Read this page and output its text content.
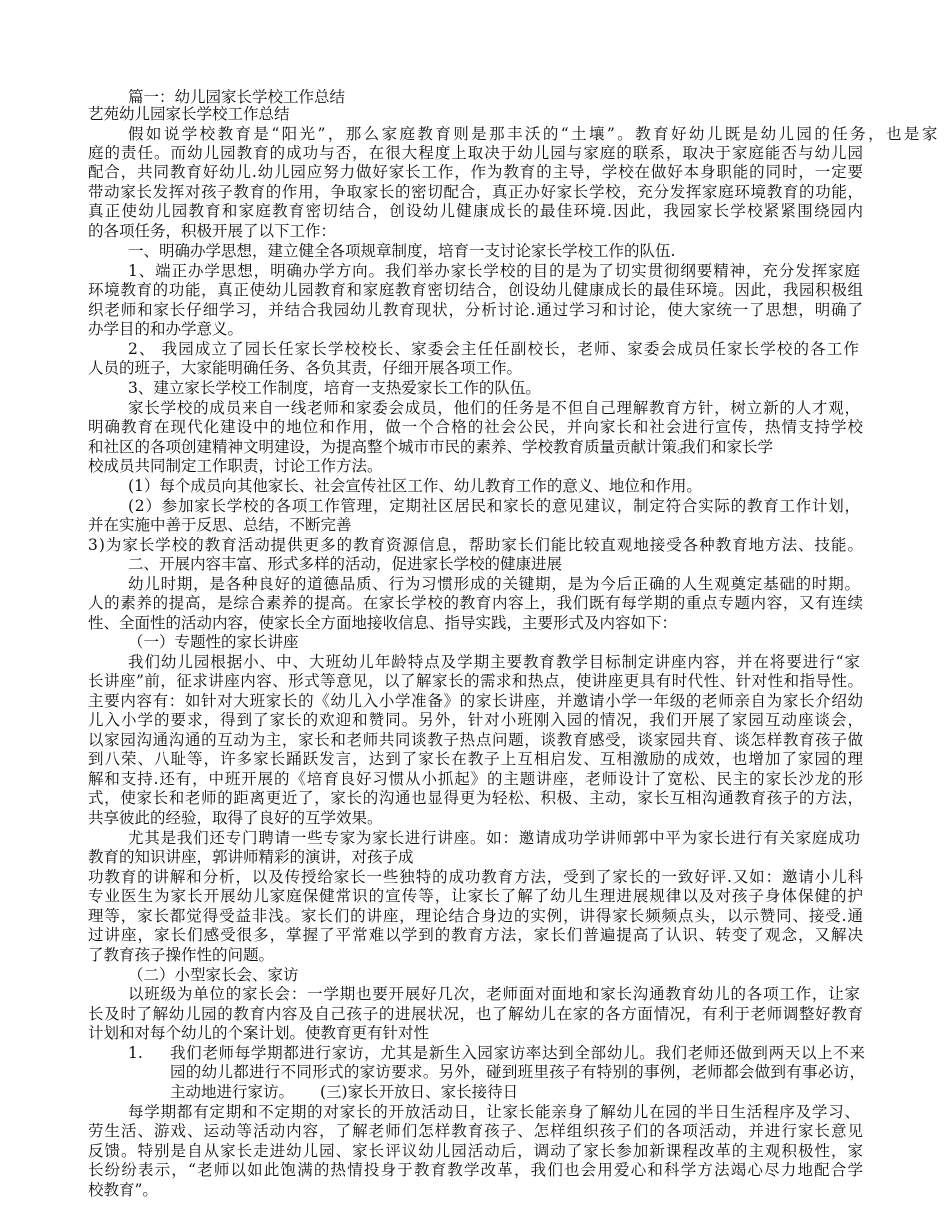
篇一：幼儿园家长学校工作总结
艺苑幼儿园家长学校工作总结
假如说学校教育是“阳光”，那么家庭教育则是那丰沃的“土壤”。教育好幼儿既是幼儿园的任务，也是家
庭的责任。而幼儿园教育的成功与否，在很大程度上取决于幼儿园与家庭的联系，取决于家庭能否与幼儿园
配合，共同教育好幼儿.幼儿园应努力做好家长工作，作为教育的主导，学校在做好本身职能的同时，一定要
带动家长发挥对孩子教育的作用，争取家长的密切配合，真正办好家长学校，充分发挥家庭环境教育的功能，
真正使幼儿园教育和家庭教育密切结合，创设幼儿健康成长的最佳环境.因此，我园家长学校紧紧围绕园内
的各项任务，积极开展了以下工作：
一、明确办学思想，建立健全各项规章制度，培育一支讨论家长学校工作的队伍.
1、端正办学思想，明确办学方向。我们举办家长学校的目的是为了切实贯彻纲要精神，充分发挥家庭
环境教育的功能，真正使幼儿园教育和家庭教育密切结合，创设幼儿健康成长的最佳环境。因此，我园积极组
织老师和家长仔细学习，并结合我园幼儿教育现状，分析讨论.通过学习和讨论，使大家统一了思想，明确了
办学目的和办学意义。
2、 我园成立了园长任家长学校校长、家委会主任任副校长，老师、家委会成员任家长学校的各工作
人员的班子，大家能明确任务、各负其责，仔细开展各项工作。
3、建立家长学校工作制度，培育一支热爱家长工作的队伍。
家长学校的成员来自一线老师和家委会成员，他们的任务是不但自己理解教育方针，树立新的人才观，
明确教育在现代化建设中的地位和作用，做一个合格的社会公民，并向家长和社会进行宣传，热情支持学校
和社区的各项创建精神文明建设，为提高整个城市市民的素养、学校教育质量贡献计策。
我们和家长学
校成员共同制定工作职责，讨论工作方法。
(1）每个成员向其他家长、社会宣传社区工作、幼儿教育工作的意义、地位和作用。
(2）参加家长学校的各项工作管理，定期社区居民和家长的意见建议，制定符合实际的教育工作计划，
并在实施中善于反思、总结，不断完善
3)为家长学校的教育活动提供更多的教育资源信息，帮助家长们能比较直观地接受各种教育地方法、技能。
二、开展内容丰富、形式多样的活动，促进家长学校的健康进展
幼儿时期，是各种良好的道德品质、行为习惯形成的关键期，是为今后正确的人生观奠定基础的时期。
人的素养的提高，是综合素养的提高。在家长学校的教育内容上，我们既有每学期的重点专题内容，又有连续
性、全面性的活动内容，使家长全方面地接收信息、指导实践，主要形式及内容如下：
（一）专题性的家长讲座
我们幼儿园根据小、中、大班幼儿年龄特点及学期主要教育教学目标制定讲座内容，并在将要进行“家
长讲座”前，征求讲座内容、形式等意见，以了解家长的需求和热点，使讲座更具有时代性、针对性和指导性。
主要内容有：如针对大班家长的《幼儿入小学准备》的家长讲座，并邀请小学一年级的老师亲自为家长介绍幼
儿入小学的要求，得到了家长的欢迎和赞同。另外，针对小班刚入园的情况，我们开展了家园互动座谈会，
以家园沟通沟通的互动为主，家长和老师共同谈教子热点问题，谈教育感受，谈家园共育、谈怎样教育孩子做
到八荣、八耻等，许多家长踊跃发言，达到了家长在教子上互相启发、互相激励的成效，也增加了家园的理
解和支持.还有，中班开展的《培育良好习惯从小抓起》的主题讲座，老师设计了宽松、民主的家长沙龙的形
式，使家长和老师的距离更近了，家长的沟通也显得更为轻松、积极、主动，家长互相沟通教育孩子的方法，
共享彼此的经验，取得了良好的互学效果。
尤其是我们还专门聘请一些专家为家长进行讲座。如：邀请成功学讲师郭中平为家长进行有关家庭成功
教育的知识讲座，郭讲师精彩的演讲，对孩子成
功教育的讲解和分析，以及传授给家长一些独特的成功教育方法，受到了家长的一致好评.又如：邀请小儿科
专业医生为家长开展幼儿家庭保健常识的宣传等，让家长了解了幼儿生理进展规律以及对孩子身体保健的护
理等，家长都觉得受益非浅。家长们的讲座，理论结合身边的实例，讲得家长频频点头，以示赞同、接受.通
过讲座，家长们感受很多，掌握了平常难以学到的教育方法，家长们普遍提高了认识、转变了观念，又解决
了教育孩子操作性的问题。
（二）小型家长会、家访
以班级为单位的家长会：一学期也要开展好几次，老师面对面地和家长沟通教育幼儿的各项工作，让家
长及时了解幼儿园的教育内容及自己孩子的进展状况，也了解幼儿在家的各方面情况，有利于老师调整好教育
计划和对每个幼儿的个案计划。使教育更有针对性
1. 我们老师每学期都进行家访，尤其是新生入园家访率达到全部幼儿。我们老师还做到两天以上不来
园的幼儿都进行不同形式的家访要求。另外，碰到班里孩子有特别的事例，老师都会做到有事必访，
主动地进行家访。 (三)家长开放日、家长接待日
每学期都有定期和不定期的对家长的开放活动日，让家长能亲身了解幼儿在园的半日生活程序及学习、
劳生活、游戏、运动等活动内容，了解老师们怎样教育孩子、怎样组织孩子们的各项活动，并进行家长意见
反馈。特别是自从家长走进幼儿园、家长评议幼儿园活动后，调动了家长参加新课程改革的主观积极性，家
长纷纷表示，“老师以如此饱满的热情投身于教育教学改革，我们也会用爱心和科学方法竭心尽力地配合学
校教育”。
